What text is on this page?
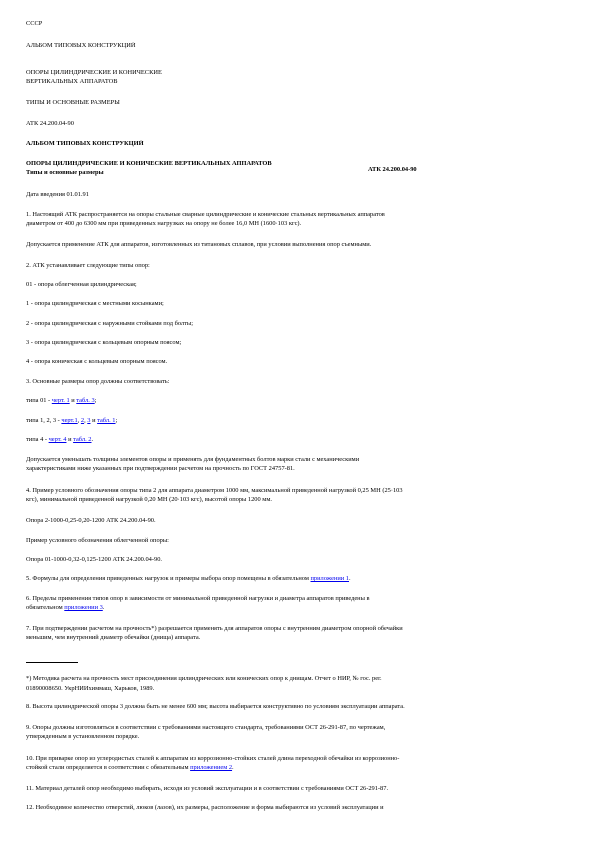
СССР
АЛЬБОМ ТИПОВЫХ КОНСТРУКЦИЙ
ОПОРЫ ЦИЛИНДРИЧЕСКИЕ И КОНИЧЕСКИЕ
ВЕРТИКАЛЬНЫХ АППАРАТОВ
ТИПЫ И ОСНОВНЫЕ РАЗМЕРЫ
АТК 24.200.04-90
АЛЬБОМ ТИПОВЫХ КОНСТРУКЦИЙ
ОПОРЫ ЦИЛИНДРИЧЕСКИЕ И КОНИЧЕСКИЕ ВЕРТИКАЛЬНЫХ АППАРАТОВ
Типы и основные размеры	АТК 24.200.04-90
Дата введения 01.01.91
1. Настоящий АТК распространяется на опоры стальные сварные цилиндрические и конические стальных вертикальных аппаратов
диаметром от 400 до 6300 мм при приведенных нагрузках на опору не более 16,0 МН (1600·103 кгс).
Допускается применение АТК для аппаратов, изготовленных из титановых сплавов, при условии выполнения опор съемными.
2. АТК устанавливает следующие типы опор:
01 - опора облегченная цилиндрическая;
1 - опора цилиндрическая с местными косынками;
2 - опора цилиндрическая с наружными стойками под болты;
3 - опора цилиндрическая с кольцевым опорным поясом;
4 - опора коническая с кольцевым опорным поясом.
3. Основные размеры опор должны соответствовать:
типа 01 - черт. 1 и табл. 3;
типа 1, 2, 3 - черт.1, 2, 3 и табл. 1;
типа 4 - черт. 4 и табл. 2.
Допускается уменьшать толщины элементов опоры и применять для фундаментных болтов марки стали с механическими
характеристиками ниже указанных при подтверждении расчетом на прочность по ГОСТ 24757-81.
4. Пример условного обозначения опоры типа 2 для аппарата диаметром 1000 мм, максимальной приведенной нагрузкой 0,25 МН (25·103
кгс), минимальной приведенной нагрузкой 0,20 МН (20·103 кгс), высотой опоры 1200 мм.
Опора 2-1000-0,25-0,20-1200 АТК 24.200.04-90.
Пример условного обозначения облегченной опоры:
Опора 01-1000-0,32-0,125-1200 АТК 24.200.04-90.
5. Формулы для определения приведенных нагрузок и примеры выбора опор помещены в обязательном приложении 1.
6. Пределы применения типов опор в зависимости от минимальной приведенной нагрузки и диаметра аппаратов приведены в
обязательном приложении 3.
7. При подтверждении расчетом на прочность*) разрешается применять для аппаратов опоры с внутренним диаметром опорной обечайки
меньшим, чем внутренний диаметр обечайки (днища) аппарата.
*) Методика расчета на прочность мест присоединения цилиндрических или конических опор к днищам. Отчет о НИР, № гос. рег.
01890008650. УкрНИИхиммаш, Харьков, 1989.
8. Высота цилиндрической опоры 3 должна быть не менее 600 мм; высота выбирается конструктивно по условиям эксплуатации аппарата.
9. Опоры должны изготовляться в соответствии с требованиями настоящего стандарта, требованиями ОСТ 26-291-87, по чертежам,
утвержденным в установленном порядке.
10. При приварке опор из углеродистых сталей к аппаратам из коррозионно-стойких сталей длина переходной обечайки из коррозионно-
стойкой стали определяется в соответствии с обязательным приложением 2.
11. Материал деталей опор необходимо выбирать, исходя из условий эксплуатации и в соответствии с требованиями ОСТ 26-291-87.
12. Необходимое количество отверстий, люков (лазов), их размеры, расположение и форма выбираются из условий эксплуатации и
